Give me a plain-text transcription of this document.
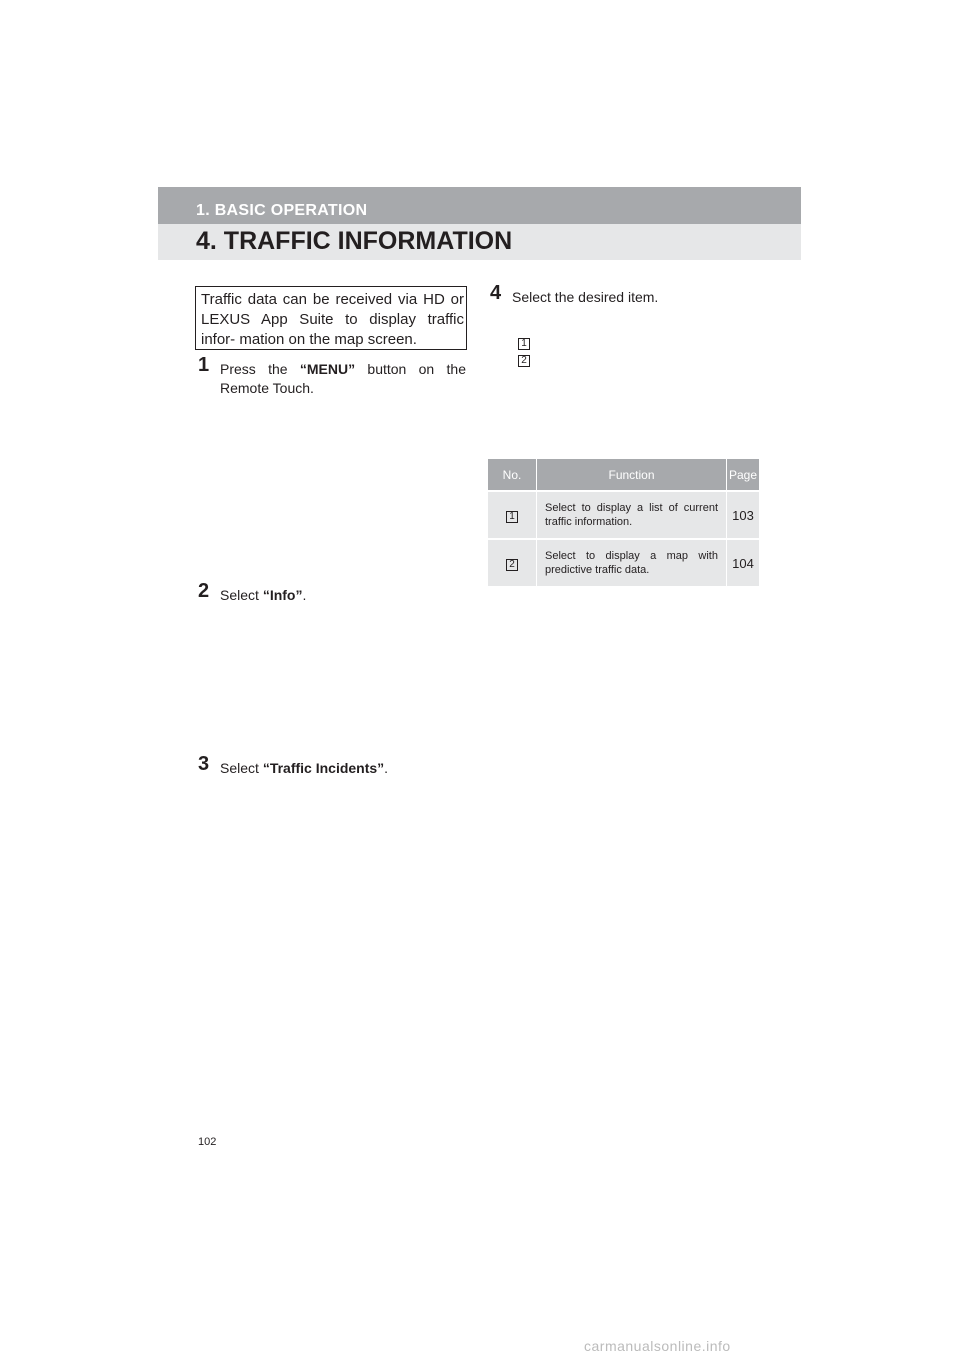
1. BASIC OPERATION
4. TRAFFIC INFORMATION

Traffic data can be received via HD or LEXUS App Suite to display traffic infor- mation on the map screen.

1 Press the “MENU” button on the Remote Touch.
2 Select “Info”.
3 Select “Traffic Incidents”.
4 Select the desired item.
1
2
No.	Function	Page
1	Select to display a list of current traffic information.	103
2	Select to display a map with predictive traffic data.	104
102
carmanualsonline.info
